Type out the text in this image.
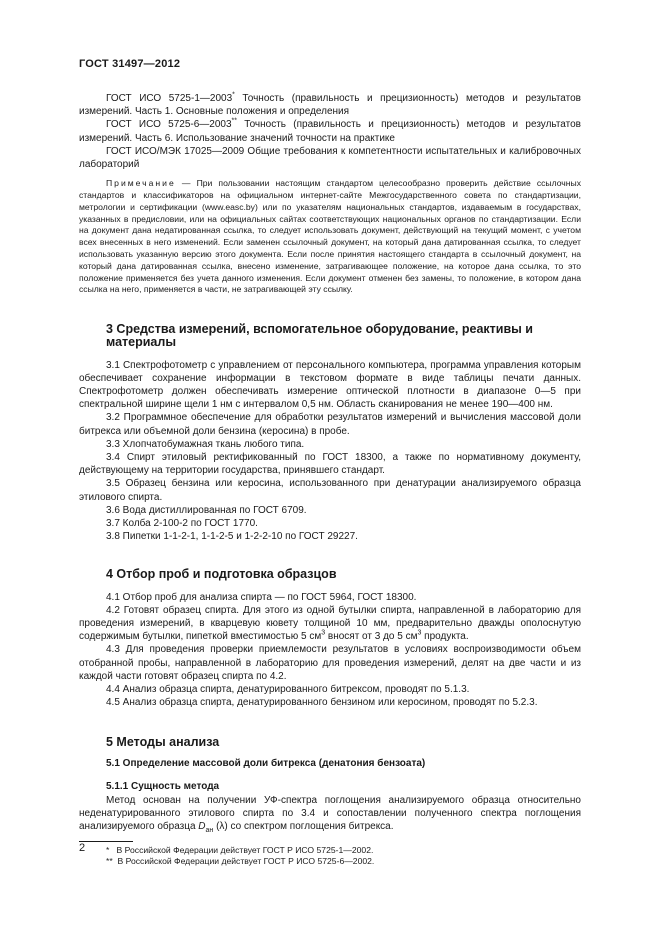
ГОСТ 31497—2012

ГОСТ ИСО 5725-1—2003* Точность (правильность и прецизионность) методов и результатов измерений. Часть 1. Основные положения и определения

ГОСТ ИСО 5725-6—2003** Точность (правильность и прецизионность) методов и результатов измерений. Часть 6. Использование значений точности на практике

ГОСТ ИСО/МЭК 17025—2009 Общие требования к компетентности испытательных и калибровочных лабораторий

Примечание — При пользовании настоящим стандартом целесообразно проверить действие ссылочных стандартов и классификаторов на официальном интернет-сайте Межгосударственного совета по стандартизации, метрологии и сертификации (www.easc.by) или по указателям национальных стандартов, издаваемым в государствах, указанных в предисловии, или на официальных сайтах соответствующих национальных органов по стандартизации. Если на документ дана недатированная ссылка, то следует использовать документ, действующий на текущий момент, с учетом всех внесенных в него изменений. Если заменен ссылочный документ, на который дана датированная ссылка, то следует использовать указанную версию этого документа. Если после принятия настоящего стандарта в ссылочный документ, на который дана датированная ссылка, внесено изменение, затрагивающее положение, на которое дана ссылка, то это положение применяется без учета данного изменения. Если документ отменен без замены, то положение, в котором дана ссылка на него, применяется в части, не затрагивающей эту ссылку.

3 Средства измерений, вспомогательное оборудование, реактивы и материалы

3.1 Спектрофотометр с управлением от персонального компьютера, программа управления которым обеспечивает сохранение информации в текстовом формате в виде таблицы печати данных. Спектрофотометр должен обеспечивать измерение оптической плотности в диапазоне 0—5 при спектральной ширине щели 1 нм с интервалом 0,5 нм. Область сканирования не менее 190—400 нм.

3.2 Программное обеспечение для обработки результатов измерений и вычисления массовой доли битрекса или объемной доли бензина (керосина) в пробе.

3.3 Хлопчатобумажная ткань любого типа.

3.4 Спирт этиловый ректификованный по ГОСТ 18300, а также по нормативному документу, действующему на территории государства, принявшего стандарт.

3.5 Образец бензина или керосина, использованного при денатурации анализируемого образца этилового спирта.

3.6 Вода дистиллированная по ГОСТ 6709.

3.7 Колба 2-100-2 по ГОСТ 1770.

3.8 Пипетки 1-1-2-1, 1-1-2-5 и 1-2-2-10 по ГОСТ 29227.

4 Отбор проб и подготовка образцов

4.1 Отбор проб для анализа спирта — по ГОСТ 5964, ГОСТ 18300.

4.2 Готовят образец спирта. Для этого из одной бутылки спирта, направленной в лабораторию для проведения измерений, в кварцевую кювету толщиной 10 мм, предварительно дважды ополоснутую содержимым бутылки, пипеткой вместимостью 5 $см^3$ вносят от 3 до 5 $см^3$ продукта.

4.3 Для проведения проверки приемлемости результатов в условиях воспроизводимости объем отобранной пробы, направленной в лабораторию для проведения измерений, делят на две части и из каждой части готовят образец спирта по 4.2.

4.4 Анализ образца спирта, денатурированного битрексом, проводят по 5.1.3.

4.5 Анализ образца спирта, денатурированного бензином или керосином, проводят по 5.2.3.

5 Методы анализа
5.1 Определение массовой доли битрекса (денатония бензоата)
5.1.1 Сущность метода

Метод основан на получении УФ-спектра поглощения анализируемого образца относительно неденатурированного этилового спирта по 3.4 и сопоставлении полученного спектра поглощения анализируемого образца $D_{ан}$ (λ) со спектром поглощения битрекса.

* В Российской Федерации действует ГОСТ Р ИСО 5725-1—2002.

** В Российской Федерации действует ГОСТ Р ИСО 5725-6—2002.

2
